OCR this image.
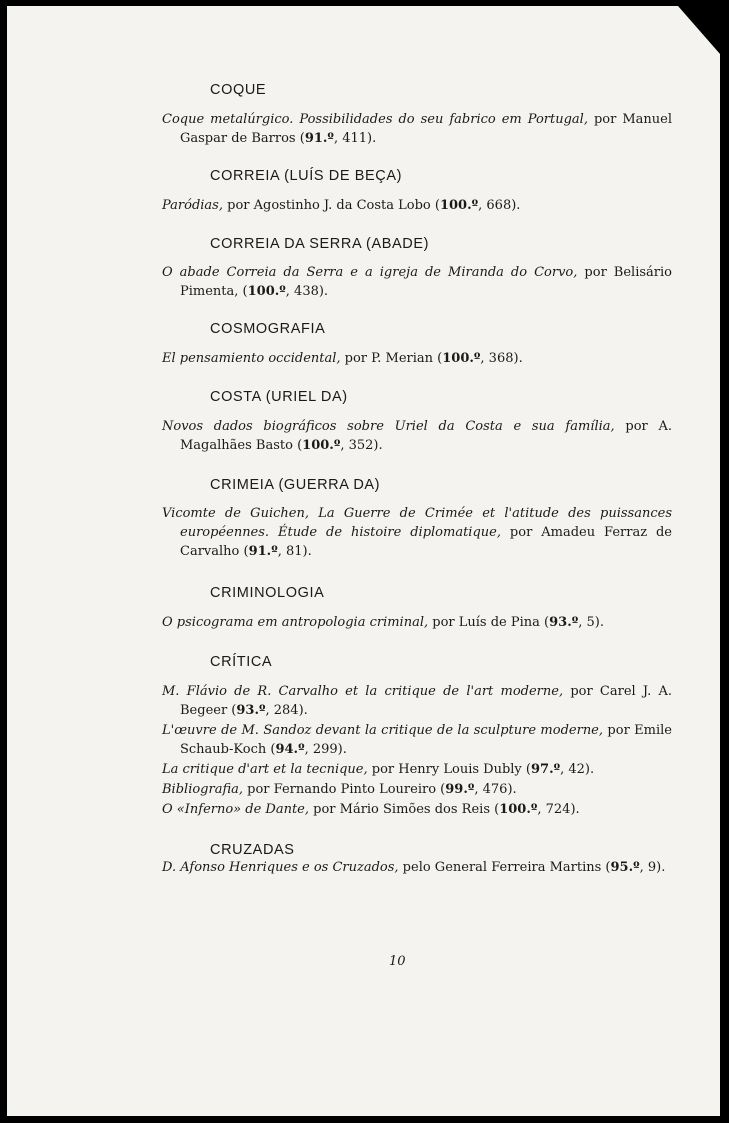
COQUE

Coque metalúrgico. Possibilidades do seu fabrico em Portugal, por Manuel Gaspar de Barros (91.º, 411).

CORREIA (LUÍS DE BEÇA)

Paródias, por Agostinho J. da Costa Lobo (100.º, 668).

CORREIA DA SERRA (ABADE)

O abade Correia da Serra e a igreja de Miranda do Corvo, por Belisário Pimenta, (100.º, 438).

COSMOGRAFIA

El pensamiento occidental, por P. Merian (100.º, 368).

COSTA (URIEL DA)

Novos dados biográficos sobre Uriel da Costa e sua família, por A. Magalhães Basto (100.º, 352).

CRIMEIA (GUERRA DA)

Vicomte de Guichen, La Guerre de Crimée et l'atitude des puissances européennes. Étude de histoire diplomatique, por Amadeu Ferraz de Carvalho (91.º, 81).

CRIMINOLOGIA

O psicograma em antropologia criminal, por Luís de Pina (93.º, 5).

CRÍTICA

M. Flávio de R. Carvalho et la critique de l'art moderne, por Carel J. A. Begeer (93.º, 284).

L'œuvre de M. Sandoz devant la critique de la sculpture moderne, por Emile Schaub-Koch (94.º, 299).

La critique d'art et la tecnique, por Henry Louis Dubly (97.º, 42).

Bibliografia, por Fernando Pinto Loureiro (99.º, 476).

O «Inferno» de Dante, por Mário Simões dos Reis (100.º, 724).

CRUZADAS

D. Afonso Henriques e os Cruzados, pelo General Ferreira Martins (95.º, 9).

10
